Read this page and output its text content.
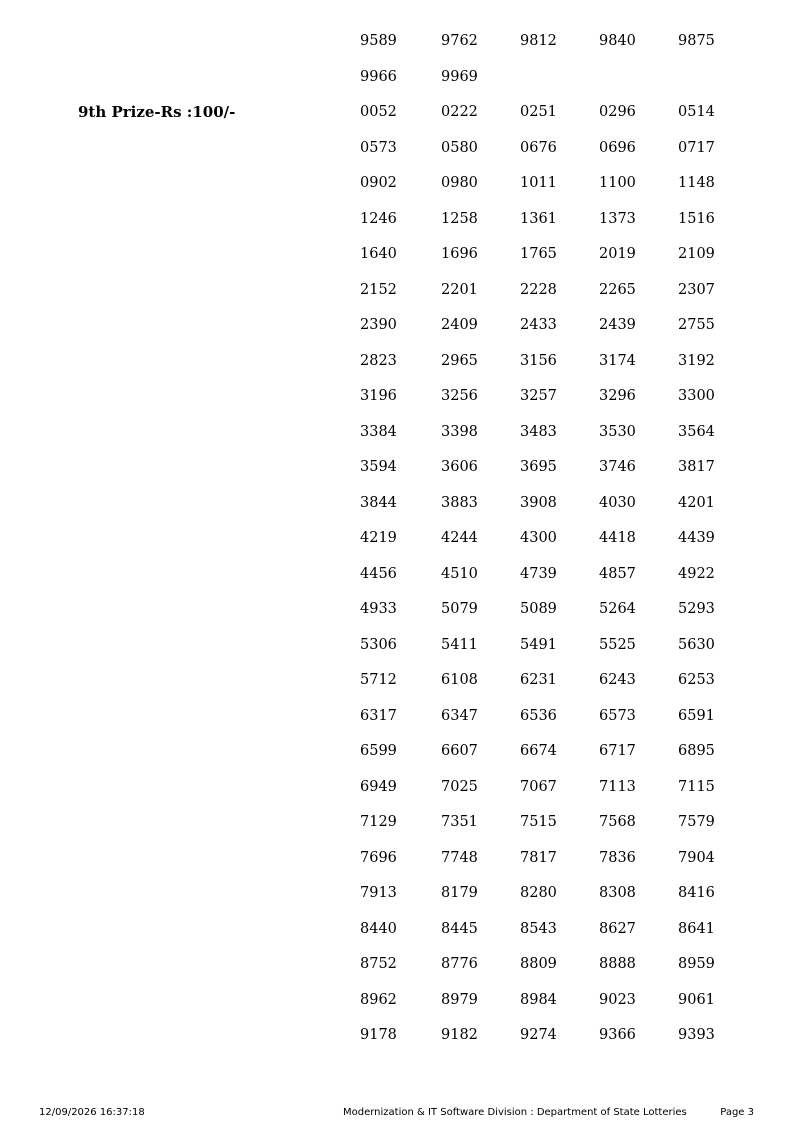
9589	9762	9812	9840	9875
9966	9969
9th Prize-Rs :100/-	0052	0222	0251	0296	0514
0573	0580	0676	0696	0717
0902	0980	1011	1100	1148
1246	1258	1361	1373	1516
1640	1696	1765	2019	2109
2152	2201	2228	2265	2307
2390	2409	2433	2439	2755
2823	2965	3156	3174	3192
3196	3256	3257	3296	3300
3384	3398	3483	3530	3564
3594	3606	3695	3746	3817
3844	3883	3908	4030	4201
4219	4244	4300	4418	4439
4456	4510	4739	4857	4922
4933	5079	5089	5264	5293
5306	5411	5491	5525	5630
5712	6108	6231	6243	6253
6317	6347	6536	6573	6591
6599	6607	6674	6717	6895
6949	7025	7067	7113	7115
7129	7351	7515	7568	7579
7696	7748	7817	7836	7904
7913	8179	8280	8308	8416
8440	8445	8543	8627	8641
8752	8776	8809	8888	8959
8962	8979	8984	9023	9061
9178	9182	9274	9366	9393
12/09/2026 16:37:18	Modernization & IT Software Division : Department of State Lotteries	Page 3
